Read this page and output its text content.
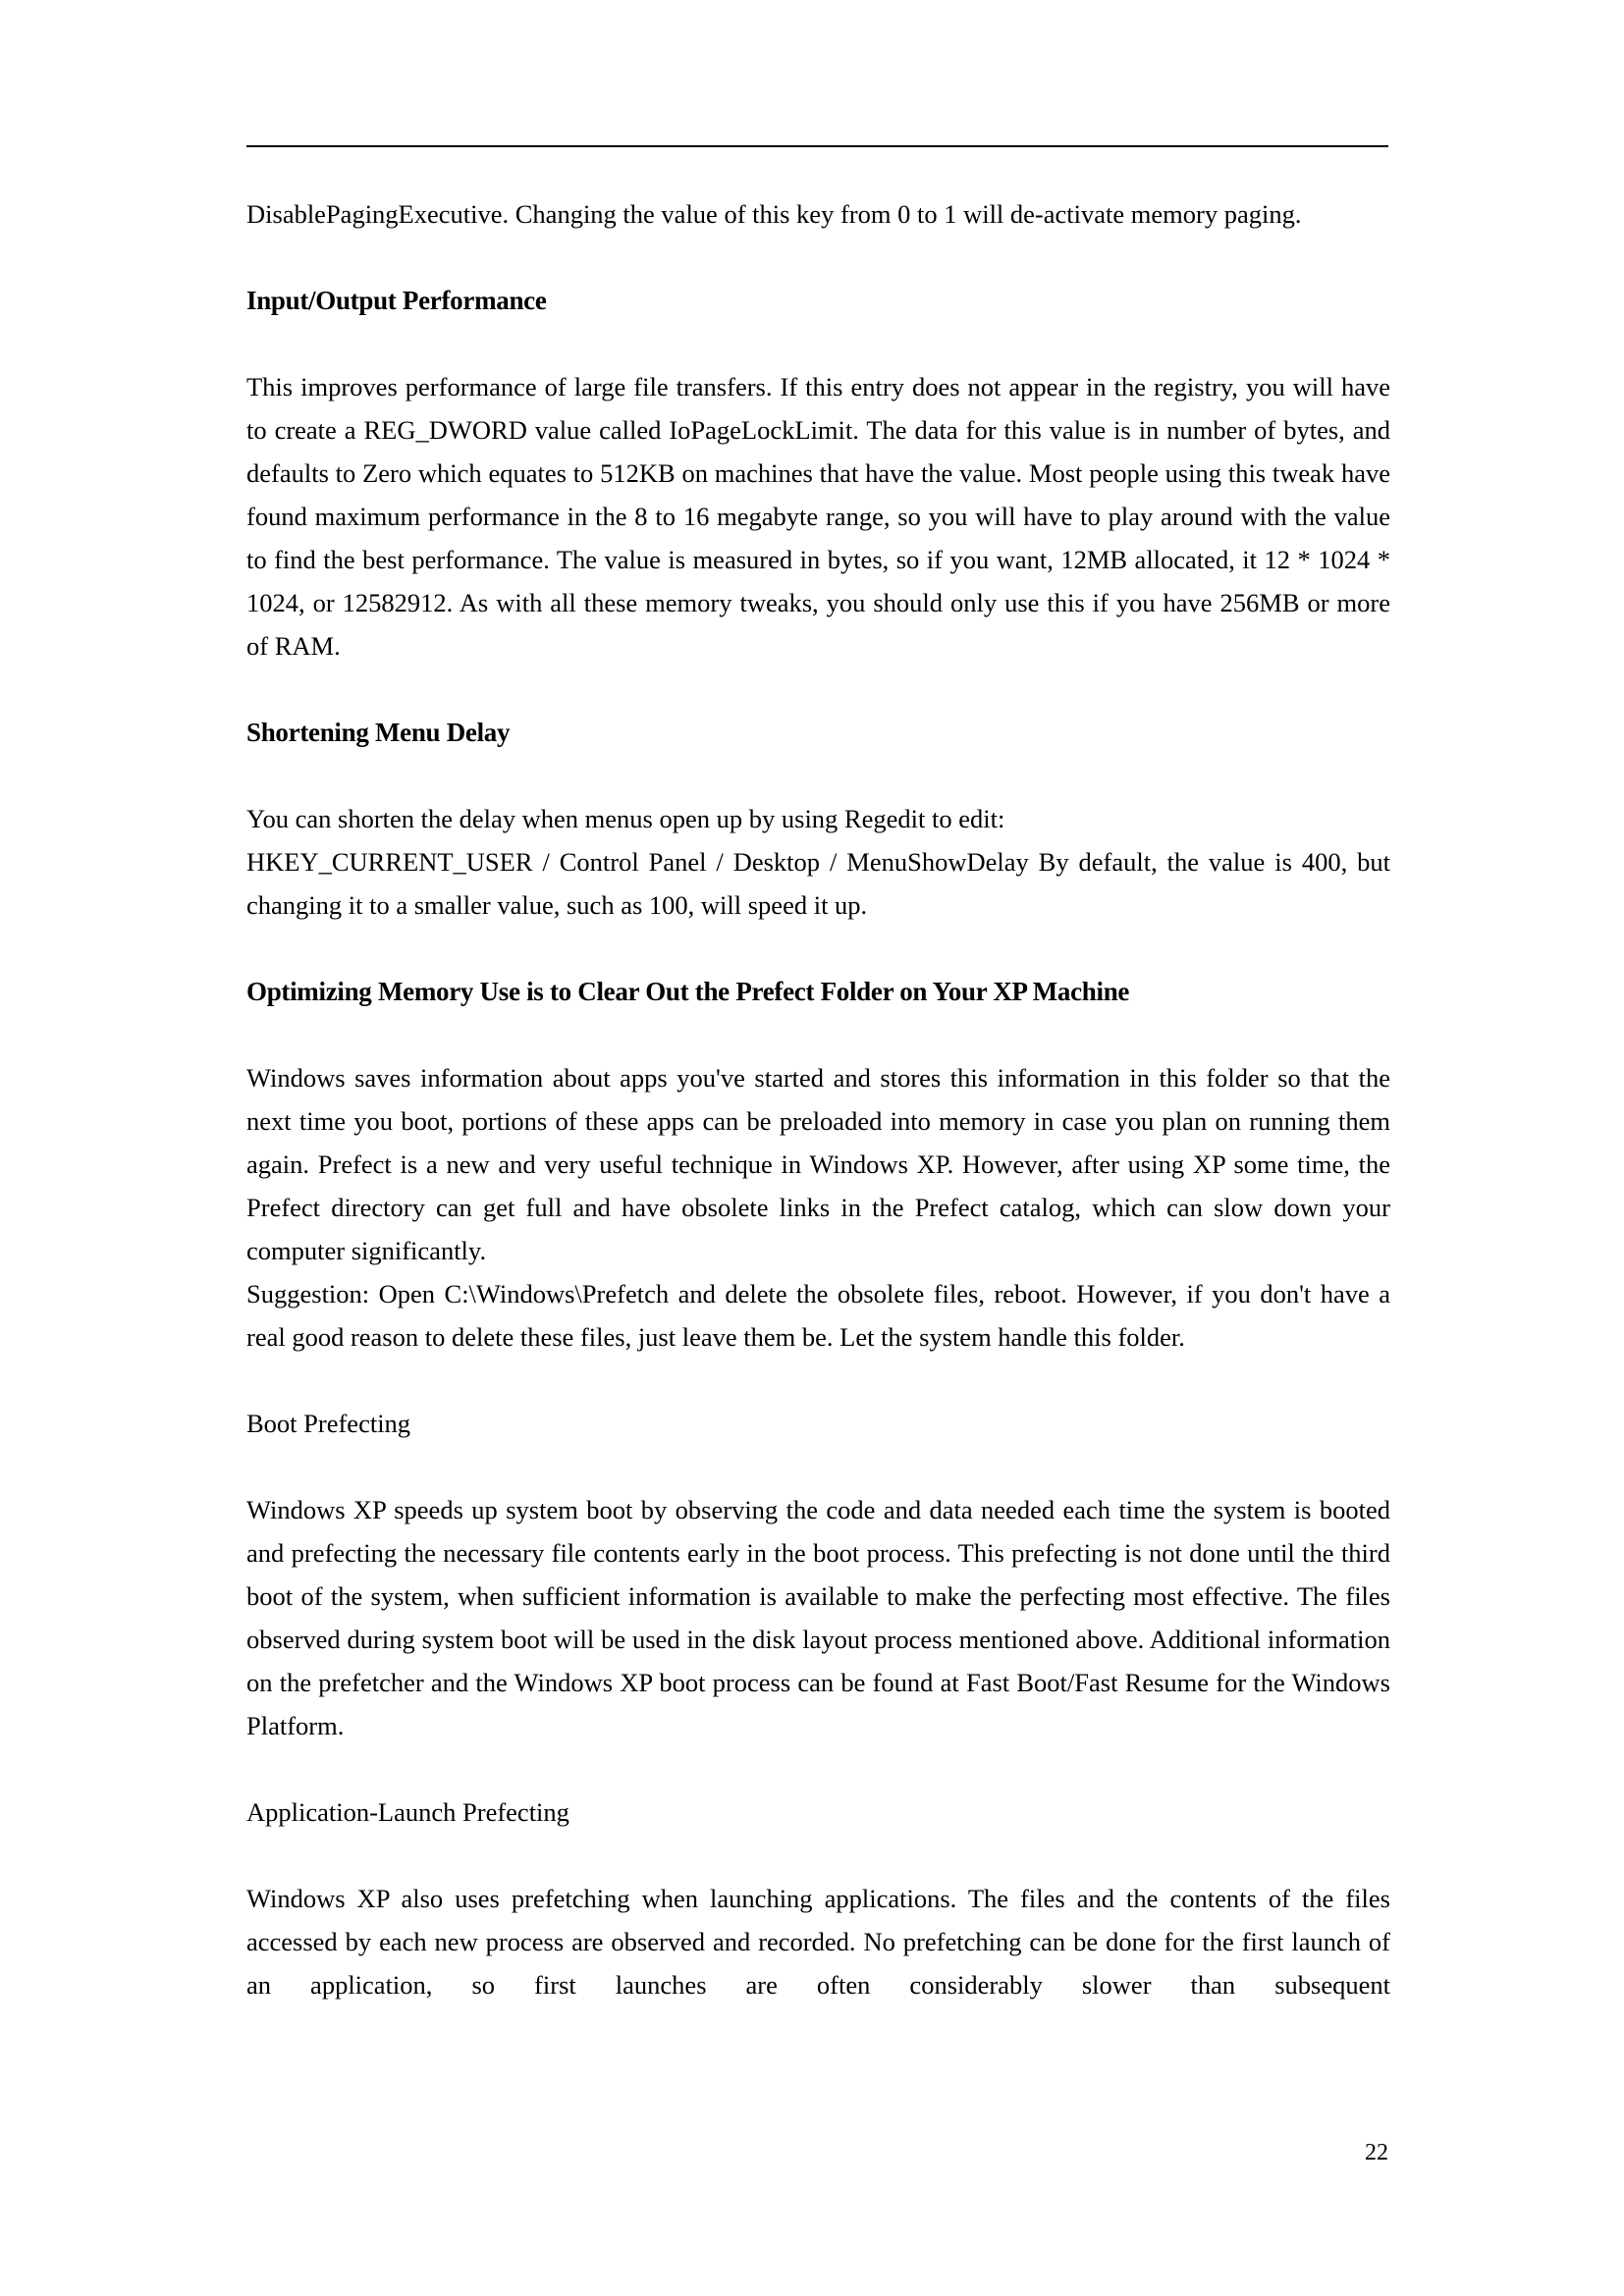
DisablePagingExecutive. Changing the value of this key from 0 to 1 will de-activate memory paging.

Input/Output Performance

This improves performance of large file transfers. If this entry does not appear in the registry, you will have to create a REG_DWORD value called IoPageLockLimit. The data for this value is in number of bytes, and defaults to Zero which equates to 512KB on machines that have the value. Most people using this tweak have found maximum performance in the 8 to 16 megabyte range, so you will have to play around with the value to find the best performance. The value is measured in bytes, so if you want, 12MB allocated, it 12 * 1024 * 1024, or 12582912. As with all these memory tweaks, you should only use this if you have 256MB or more of RAM.

Shortening Menu Delay

You can shorten the delay when menus open up by using Regedit to edit:

HKEY_CURRENT_USER / Control Panel / Desktop / MenuShowDelay By default, the value is 400, but changing it to a smaller value, such as 100, will speed it up.

Optimizing Memory Use is to Clear Out the Prefect Folder on Your XP Machine

Windows saves information about apps you've started and stores this information in this folder so that the next time you boot, portions of these apps can be preloaded into memory in case you plan on running them again. Prefect is a new and very useful technique in Windows XP. However, after using XP some time, the Prefect directory can get full and have obsolete links in the Prefect catalog, which can slow down your computer significantly.

Suggestion: Open C:\Windows\Prefetch and delete the obsolete files, reboot. However, if you don't have a real good reason to delete these files, just leave them be. Let the system handle this folder.

Boot Prefecting

Windows XP speeds up system boot by observing the code and data needed each time the system is booted and prefecting the necessary file contents early in the boot process. This prefecting is not done until the third boot of the system, when sufficient information is available to make the perfecting most effective. The files observed during system boot will be used in the disk layout process mentioned above. Additional information on the prefetcher and the Windows XP boot process can be found at Fast Boot/Fast Resume for the Windows Platform.

Application-Launch Prefecting

Windows XP also uses prefetching when launching applications. The files and the contents of the files accessed by each new process are observed and recorded. No prefetching can be done for the first launch of an application, so first launches are often considerably slower than subsequent

22
